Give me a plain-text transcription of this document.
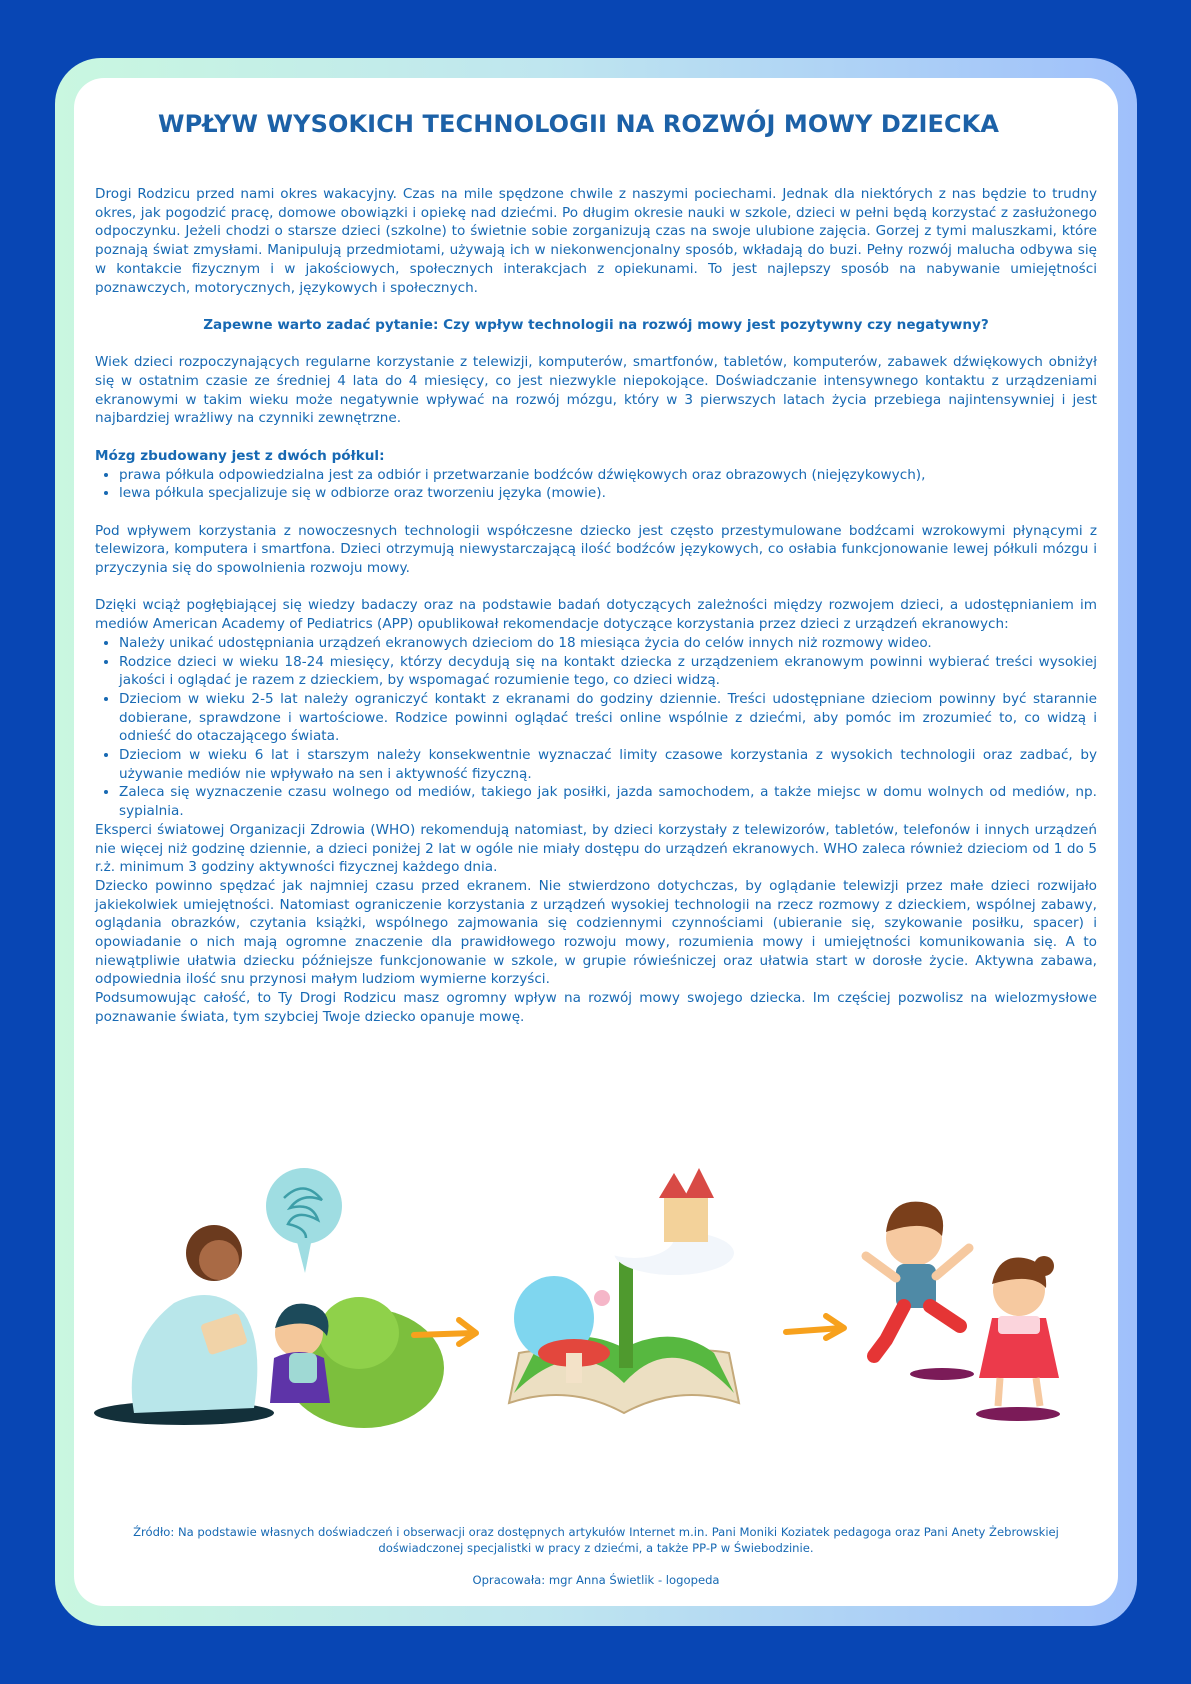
WPŁYW WYSOKICH TECHNOLOGII NA ROZWÓJ MOWY DZIECKA

Drogi Rodzicu przed nami okres wakacyjny. Czas na mile spędzone chwile z naszymi pociechami. Jednak dla niektórych z nas będzie to trudny okres, jak pogodzić pracę, domowe obowiązki i opiekę nad dziećmi. Po długim okresie nauki w szkole, dzieci w pełni będą korzystać z zasłużonego odpoczynku. Jeżeli chodzi o starsze dzieci (szkolne) to świetnie sobie zorganizują czas na swoje ulubione zajęcia. Gorzej z tymi maluszkami, które poznają świat zmysłami. Manipulują przedmiotami, używają ich w niekonwencjonalny sposób, wkładają do buzi. Pełny rozwój malucha odbywa się w kontakcie fizycznym i w jakościowych, społecznych interakcjach z opiekunami. To jest najlepszy sposób na nabywanie umiejętności poznawczych, motorycznych, językowych i społecznych.

Zapewne warto zadać pytanie: Czy wpływ technologii na rozwój mowy jest pozytywny czy negatywny?

Wiek dzieci rozpoczynających regularne korzystanie z telewizji, komputerów, smartfonów, tabletów, komputerów, zabawek dźwiękowych obniżył się w ostatnim czasie ze średniej 4 lata do 4 miesięcy, co jest niezwykle niepokojące. Doświadczanie intensywnego kontaktu z urządzeniami ekranowymi w takim wieku może negatywnie wpływać na rozwój mózgu, który w 3 pierwszych latach życia przebiega najintensywniej i jest najbardziej wrażliwy na czynniki zewnętrzne.

Mózg zbudowany jest z dwóch półkul:

• prawa półkula odpowiedzialna jest za odbiór i przetwarzanie bodźców dźwiękowych oraz obrazowych (niejęzykowych),
• lewa półkula specjalizuje się w odbiorze oraz tworzeniu języka (mowie).

Pod wpływem korzystania z nowoczesnych technologii współczesne dziecko jest często przestymulowane bodźcami wzrokowymi płynącymi z telewizora, komputera i smartfona. Dzieci otrzymują niewystarczającą ilość bodźców językowych, co osłabia funkcjonowanie lewej półkuli mózgu i przyczynia się do spowolnienia rozwoju mowy.

Dzięki wciąż pogłębiającej się wiedzy badaczy oraz na podstawie badań dotyczących zależności między rozwojem dzieci, a udostępnianiem im mediów American Academy of Pediatrics (APP) opublikował rekomendacje dotyczące korzystania przez dzieci z urządzeń ekranowych:

• Należy unikać udostępniania urządzeń ekranowych dzieciom do 18 miesiąca życia do celów innych niż rozmowy wideo.
• Rodzice dzieci w wieku 18-24 miesięcy, którzy decydują się na kontakt dziecka z urządzeniem ekranowym powinni wybierać treści wysokiej jakości i oglądać je razem z dzieckiem, by wspomagać rozumienie tego, co dzieci widzą.
• Dzieciom w wieku 2-5 lat należy ograniczyć kontakt z ekranami do godziny dziennie. Treści udostępniane dzieciom powinny być starannie dobierane, sprawdzone i wartościowe. Rodzice powinni oglądać treści online wspólnie z dziećmi, aby pomóc im zrozumieć to, co widzą i odnieść do otaczającego świata.
• Dzieciom w wieku 6 lat i starszym należy konsekwentnie wyznaczać limity czasowe korzystania z wysokich technologii oraz zadbać, by używanie mediów nie wpływało na sen i aktywność fizyczną.
• Zaleca się wyznaczenie czasu wolnego od mediów, takiego jak posiłki, jazda samochodem, a także miejsc w domu wolnych od mediów, np. sypialnia.

Eksperci światowej Organizacji Zdrowia (WHO) rekomendują natomiast, by dzieci korzystały z telewizorów, tabletów, telefonów i innych urządzeń nie więcej niż godzinę dziennie, a dzieci poniżej 2 lat w ogóle nie miały dostępu do urządzeń ekranowych. WHO zaleca również dzieciom od 1 do 5 r.ż. minimum 3 godziny aktywności fizycznej każdego dnia.

Dziecko powinno spędzać jak najmniej czasu przed ekranem. Nie stwierdzono dotychczas, by oglądanie telewizji przez małe dzieci rozwijało jakiekolwiek umiejętności. Natomiast ograniczenie korzystania z urządzeń wysokiej technologii na rzecz rozmowy z dzieckiem, wspólnej zabawy, oglądania obrazków, czytania książki, wspólnego zajmowania się codziennymi czynnościami (ubieranie się, szykowanie posiłku, spacer) i opowiadanie o nich mają ogromne znaczenie dla prawidłowego rozwoju mowy, rozumienia mowy i umiejętności komunikowania się. A to niewątpliwie ułatwia dziecku późniejsze funkcjonowanie w szkole, w grupie rówieśniczej oraz ułatwia start w dorosłe życie. Aktywna zabawa, odpowiednia ilość snu przynosi małym ludziom wymierne korzyści.

Podsumowując całość, to Ty Drogi Rodzicu masz ogromny wpływ na rozwój mowy swojego dziecka. Im częściej pozwolisz na wielozmysłowe poznawanie świata, tym szybciej Twoje dziecko opanuje mowę.

Źródło: Na podstawie własnych doświadczeń i obserwacji oraz dostępnych artykułów Internet m.in. Pani Moniki Koziatek pedagoga oraz Pani Anety Żebrowskiej doświadczonej specjalistki w pracy z dziećmi, a także PP-P w Świebodzinie.
Opracowała: mgr Anna Świetlik - logopeda
